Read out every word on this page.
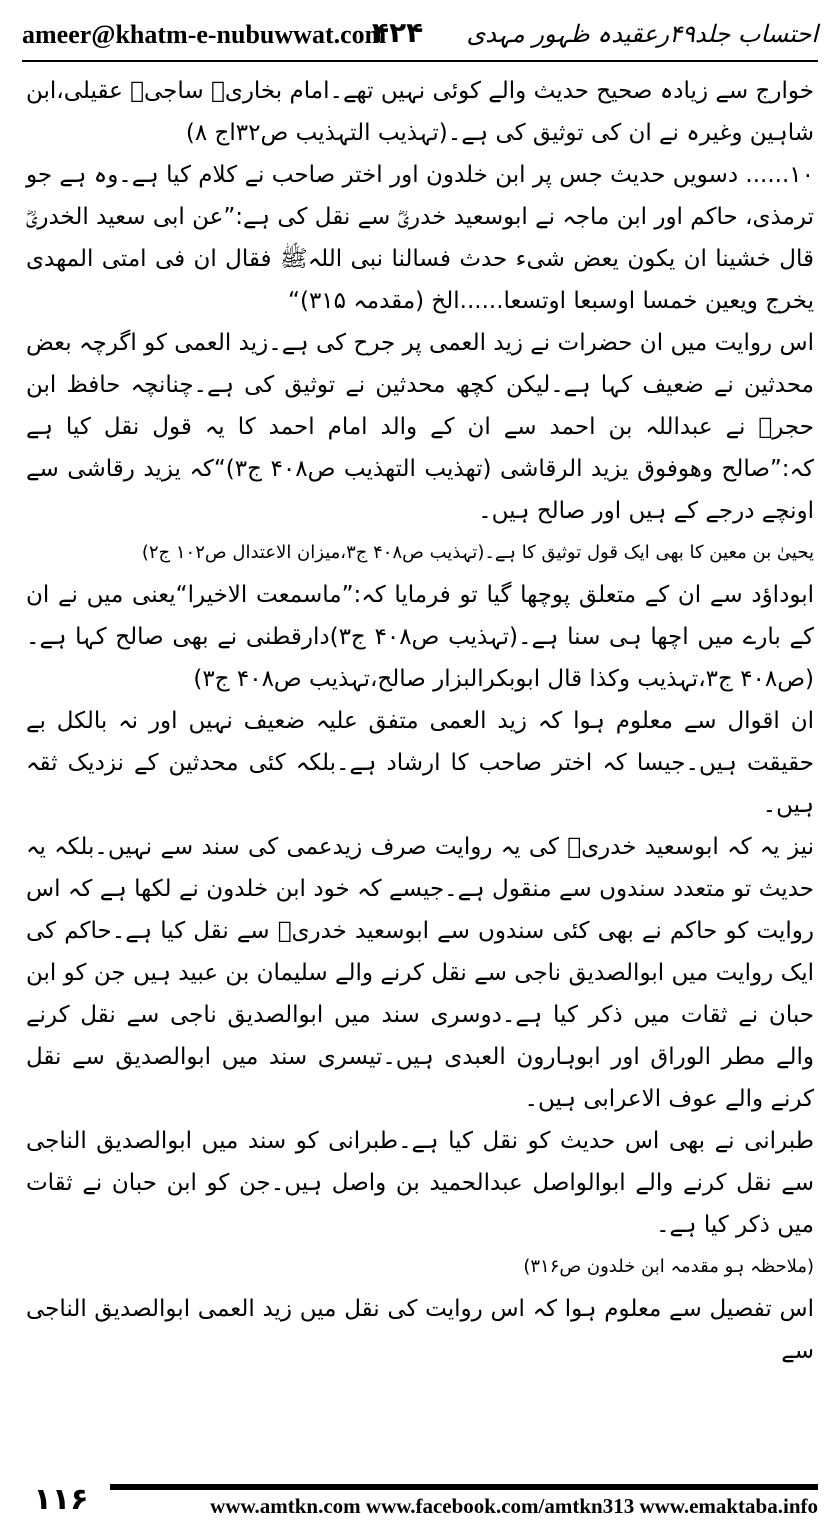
ameer@khatm-e-nubuwwat.com
۴۲۴ احتساب جلد۴۹رعقیدہ ظہور مہدی

خوارج سے زیادہ صحیح حدیث والے کوئی نہیں تھے۔امام بخاریؒ ساجیؒ عقیلی،ابن شاہین وغیرہ نے ان کی توثیق کی ہے۔(تہذیب التہذیب ص۳۲اج ۸)

۱۰...... دسویں حدیث جس پر ابن خلدون اور اختر صاحب نے کلام کیا ہے۔وہ ہے جو ترمذی، حاکم اور ابن ماجہ نے ابوسعید خدریؓ سے نقل کی ہے:”عن ابی سعید الخدریؓ قال خشینا ان یکون یعض شیء حدث فسالنا نبی اللہﷺ فقال ان فی امتی المھدی یخرج ویعین خمسا اوسبعا اوتسعا......الخ (مقدمہ ۳۱۵)“

اس روایت میں ان حضرات نے زید العمی پر جرح کی ہے۔زید العمی کو اگرچہ بعض محدثین نے ضعیف کہا ہے۔لیکن کچھ محدثین نے توثیق کی ہے۔چنانچہ حافظ ابن حجرؒ نے عبداللہ بن احمد سے ان کے والد امام احمد کا یہ قول نقل کیا ہے کہ:”صالح وھوفوق یزید الرقاشی (تھذیب التھذیب ص۴۰۸ ج۳)“کہ یزید رقاشی سے اونچے درجے کے ہیں اور صالح ہیں۔

یحییٰ بن معین کا بھی ایک قول توثیق کا ہے۔(تہذیب ص۴۰۸ ج۳،میزان الاعتدال ص۱۰۲ ج۲)

ابوداؤد سے ان کے متعلق پوچھا گیا تو فرمایا کہ:”ماسمعت الاخیرا“یعنی میں نے ان کے بارے میں اچھا ہی سنا ہے۔(تہذیب ص۴۰۸ ج۳)دارقطنی نے بھی صالح کہا ہے۔(ص۴۰۸ ج۳،تہذیب وکذا قال ابوبکرالبزار صالح،تہذیب ص۴۰۸ ج۳)

ان اقوال سے معلوم ہوا کہ زید العمی متفق علیہ ضعیف نہیں اور نہ بالکل بے حقیقت ہیں۔جیسا کہ اختر صاحب کا ارشاد ہے۔بلکہ کئی محدثین کے نزدیک ثقہ ہیں۔

نیز یہ کہ ابوسعید خدریؓ کی یہ روایت صرف زیدعمی کی سند سے نہیں۔بلکہ یہ حدیث تو متعدد سندوں سے منقول ہے۔جیسے کہ خود ابن خلدون نے لکھا ہے کہ اس روایت کو حاکم نے بھی کئی سندوں سے ابوسعید خدریؓ سے نقل کیا ہے۔حاکم کی ایک روایت میں ابوالصدیق ناجی سے نقل کرنے والے سلیمان بن عبید ہیں جن کو ابن حبان نے ثقات میں ذکر کیا ہے۔دوسری سند میں ابوالصدیق ناجی سے نقل کرنے والے مطر الوراق اور ابوہارون العبدی ہیں۔تیسری سند میں ابوالصدیق سے نقل کرنے والے عوف الاعرابی ہیں۔

طبرانی نے بھی اس حدیث کو نقل کیا ہے۔طبرانی کو سند میں ابوالصدیق الناجی سے نقل کرنے والے ابوالواصل عبدالحمید بن واصل ہیں۔جن کو ابن حبان نے ثقات میں ذکر کیا ہے۔

(ملاحظہ ہو مقدمہ ابن خلدون ص۳۱۶)

اس تفصیل سے معلوم ہوا کہ اس روایت کی نقل میں زید العمی ابوالصدیق الناجی سے

۱۱۶	www.amtkn.com www.facebook.com/amtkn313 www.emaktaba.info
